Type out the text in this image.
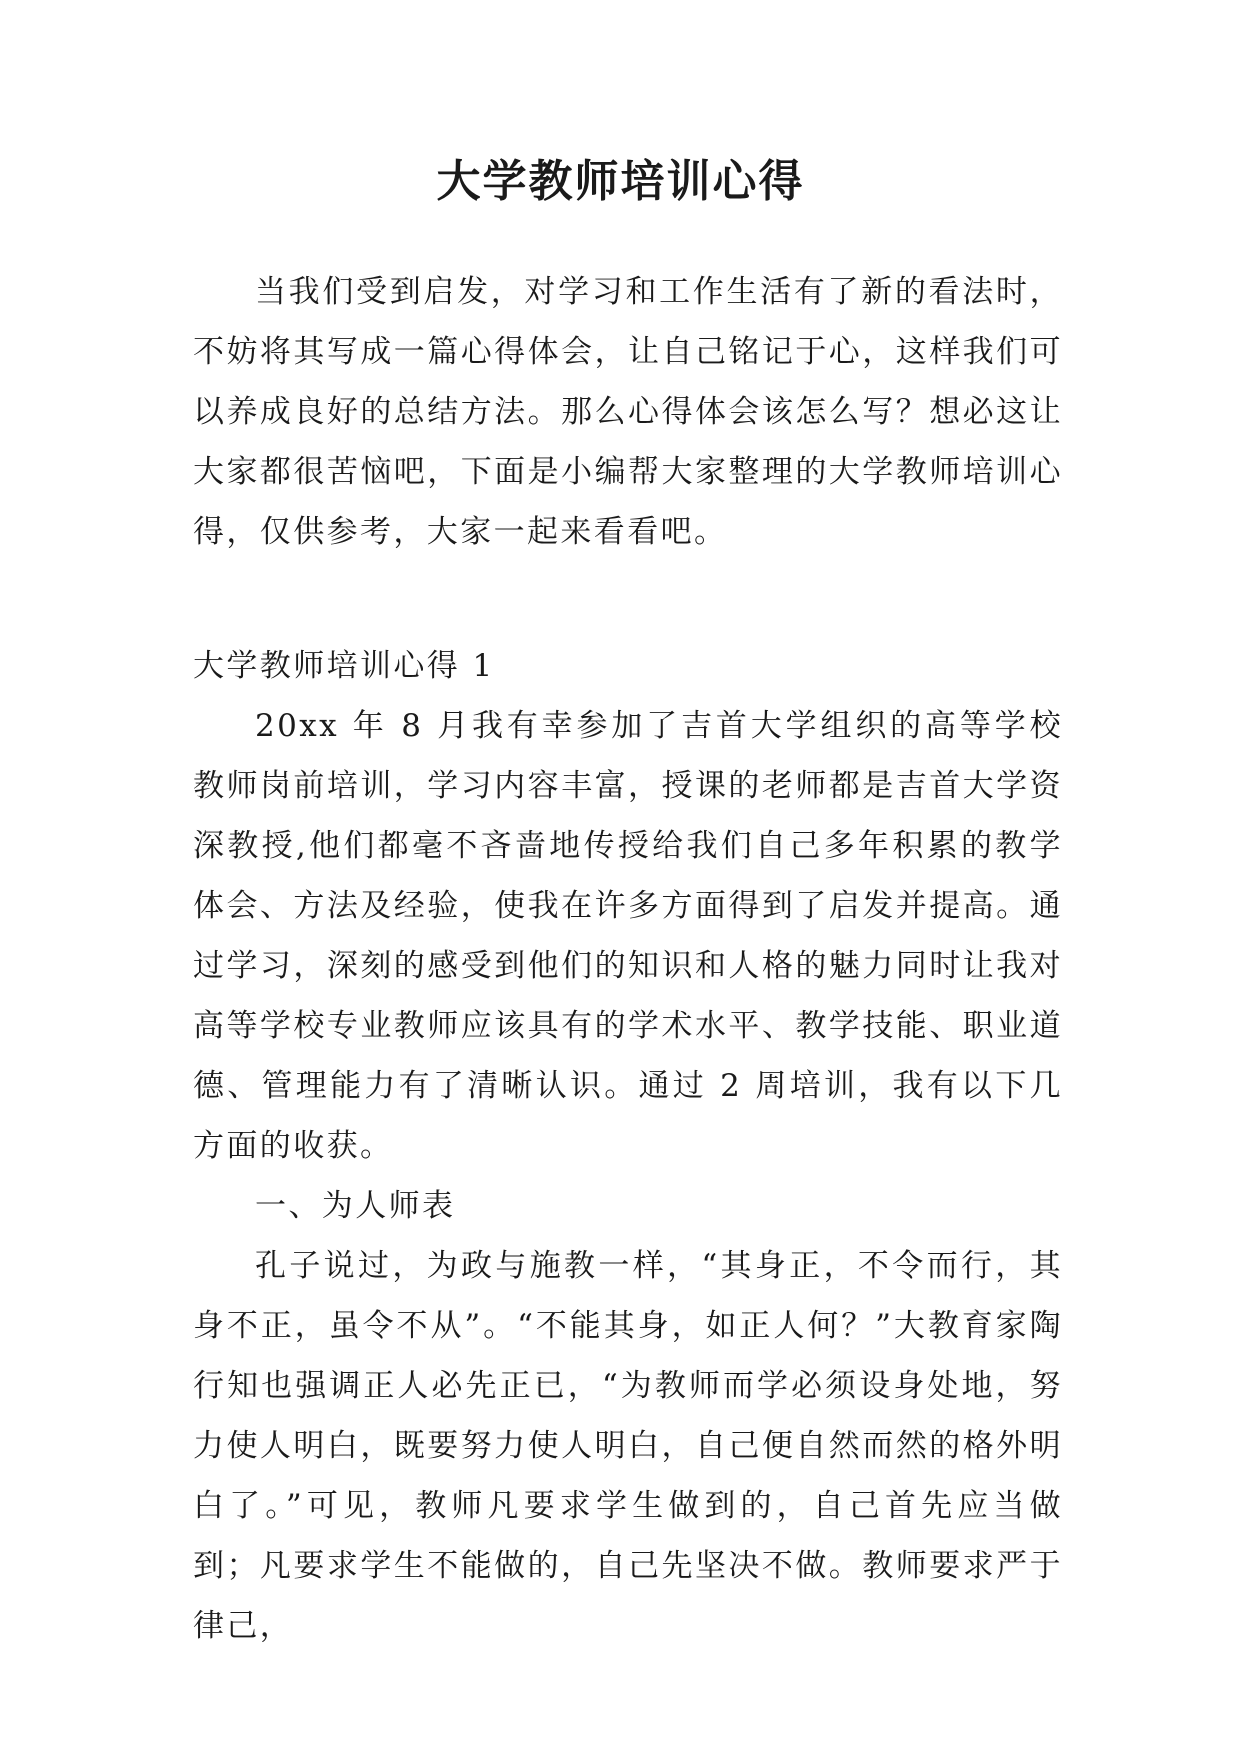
大学教师培训心得

当我们受到启发，对学习和工作生活有了新的看法时，不妨将其写成一篇心得体会，让自己铭记于心，这样我们可以养成良好的总结方法。那么心得体会该怎么写？想必这让大家都很苦恼吧，下面是小编帮大家整理的大学教师培训心得，仅供参考，大家一起来看看吧。

大学教师培训心得 1

20xx 年 8 月我有幸参加了吉首大学组织的高等学校教师岗前培训，学习内容丰富，授课的老师都是吉首大学资深教授,他们都毫不吝啬地传授给我们自己多年积累的教学体会、方法及经验，使我在许多方面得到了启发并提高。通过学习，深刻的感受到他们的知识和人格的魅力同时让我对高等学校专业教师应该具有的学术水平、教学技能、职业道德、管理能力有了清晰认识。通过 2 周培训，我有以下几方面的收获。

一、为人师表

孔子说过，为政与施教一样，“其身正，不令而行，其身不正，虽令不从”。“不能其身，如正人何？”大教育家陶行知也强调正人必先正已，“为教师而学必须设身处地，努力使人明白，既要努力使人明白，自己便自然而然的格外明白了。”可见，教师凡要求学生做到的，自己首先应当做到；凡要求学生不能做的，自己先坚决不做。教师要求严于律己，
